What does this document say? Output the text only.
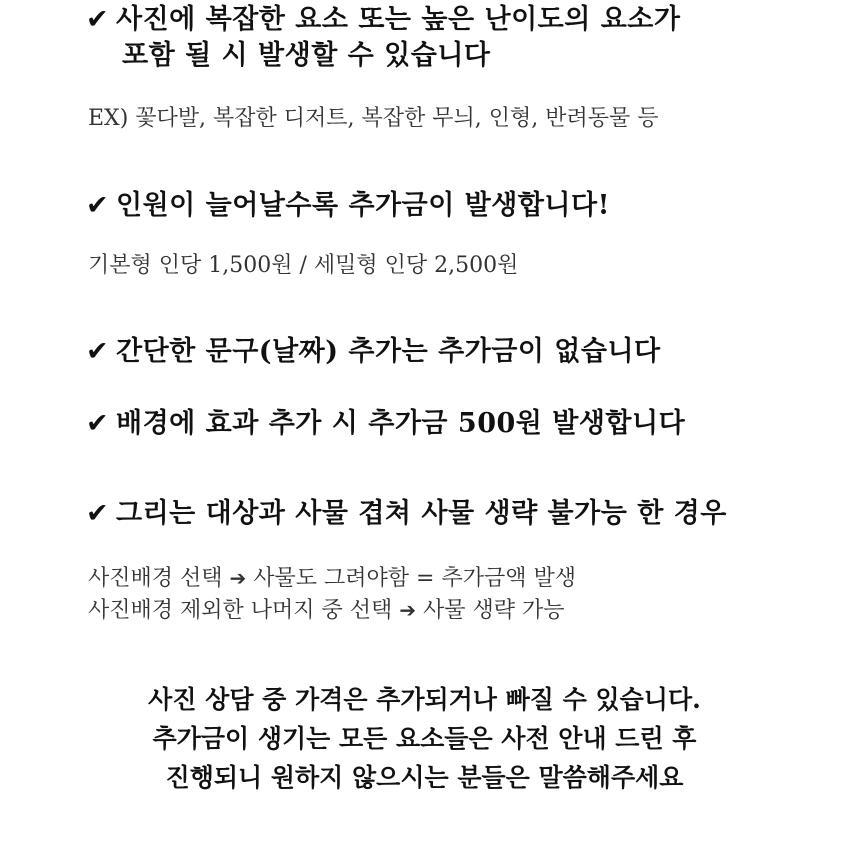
✔ 사진에 복잡한 요소 또는 높은 난이도의 요소가
포함 될 시 발생할 수 있습니다
EX) 꽃다발, 복잡한 디저트, 복잡한 무늬, 인형, 반려동물 등
✔ 인원이 늘어날수록 추가금이 발생합니다!
기본형 인당 1,500원 / 세밀형 인당 2,500원
✔ 간단한 문구(날짜) 추가는 추가금이 없습니다
✔ 배경에 효과 추가 시 추가금 500원 발생합니다
✔ 그리는 대상과 사물 겹쳐 사물 생략 불가능 한 경우
사진배경 선택 ➔ 사물도 그려야함 = 추가금액 발생
사진배경 제외한 나머지 중 선택 ➔ 사물 생략 가능
사진 상담 중 가격은 추가되거나 빠질 수 있습니다.
추가금이 생기는 모든 요소들은 사전 안내 드린 후
진행되니 원하지 않으시는 분들은 말씀해주세요
